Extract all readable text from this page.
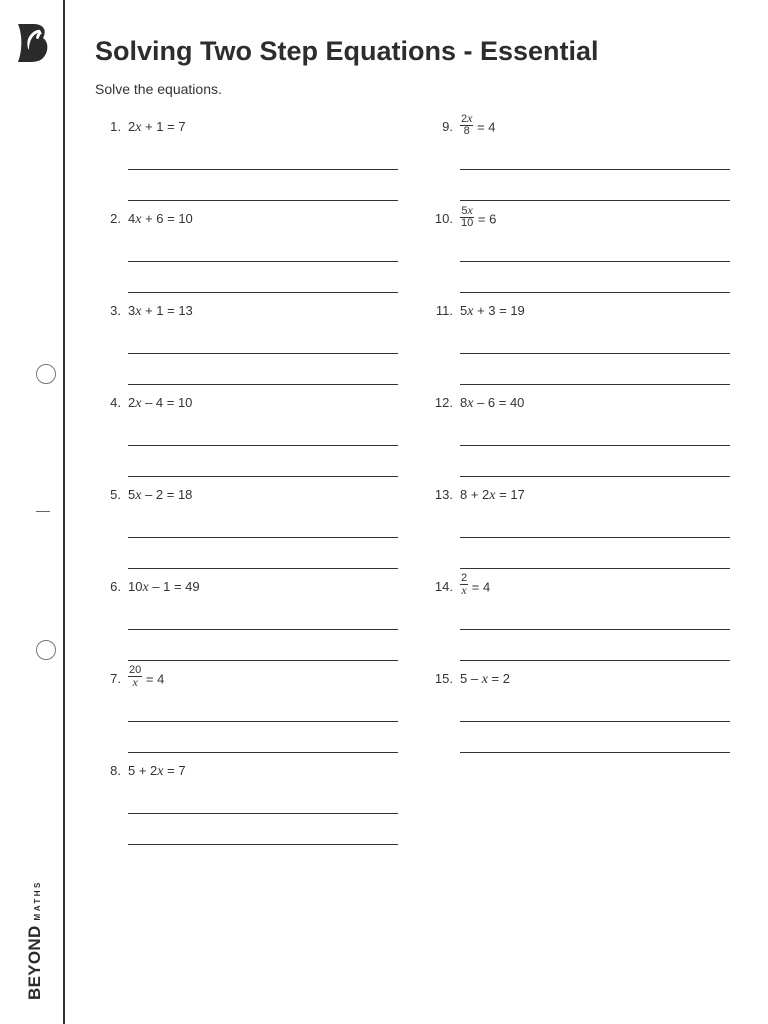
BEYONDMATHS
Solving Two Step Equations - Essential
Solve the equations.
1. 2x + 1 = 7
2. 4x + 6 = 10
3. 3x + 1 = 13
4. 2x – 4 = 10
5. 5x – 2 = 18
6. 10x – 1 = 49
7. $\frac{20}{x} = 4$
8. 5 + 2x = 7
9. $\frac{2x}{8} = 4$
10. $\frac{5x}{10} = 6$
11. 5x + 3 = 19
12. 8x – 6 = 40
13. 8 + 2x = 17
14. $\frac{2}{x} = 4$
15. 5 – x = 2
